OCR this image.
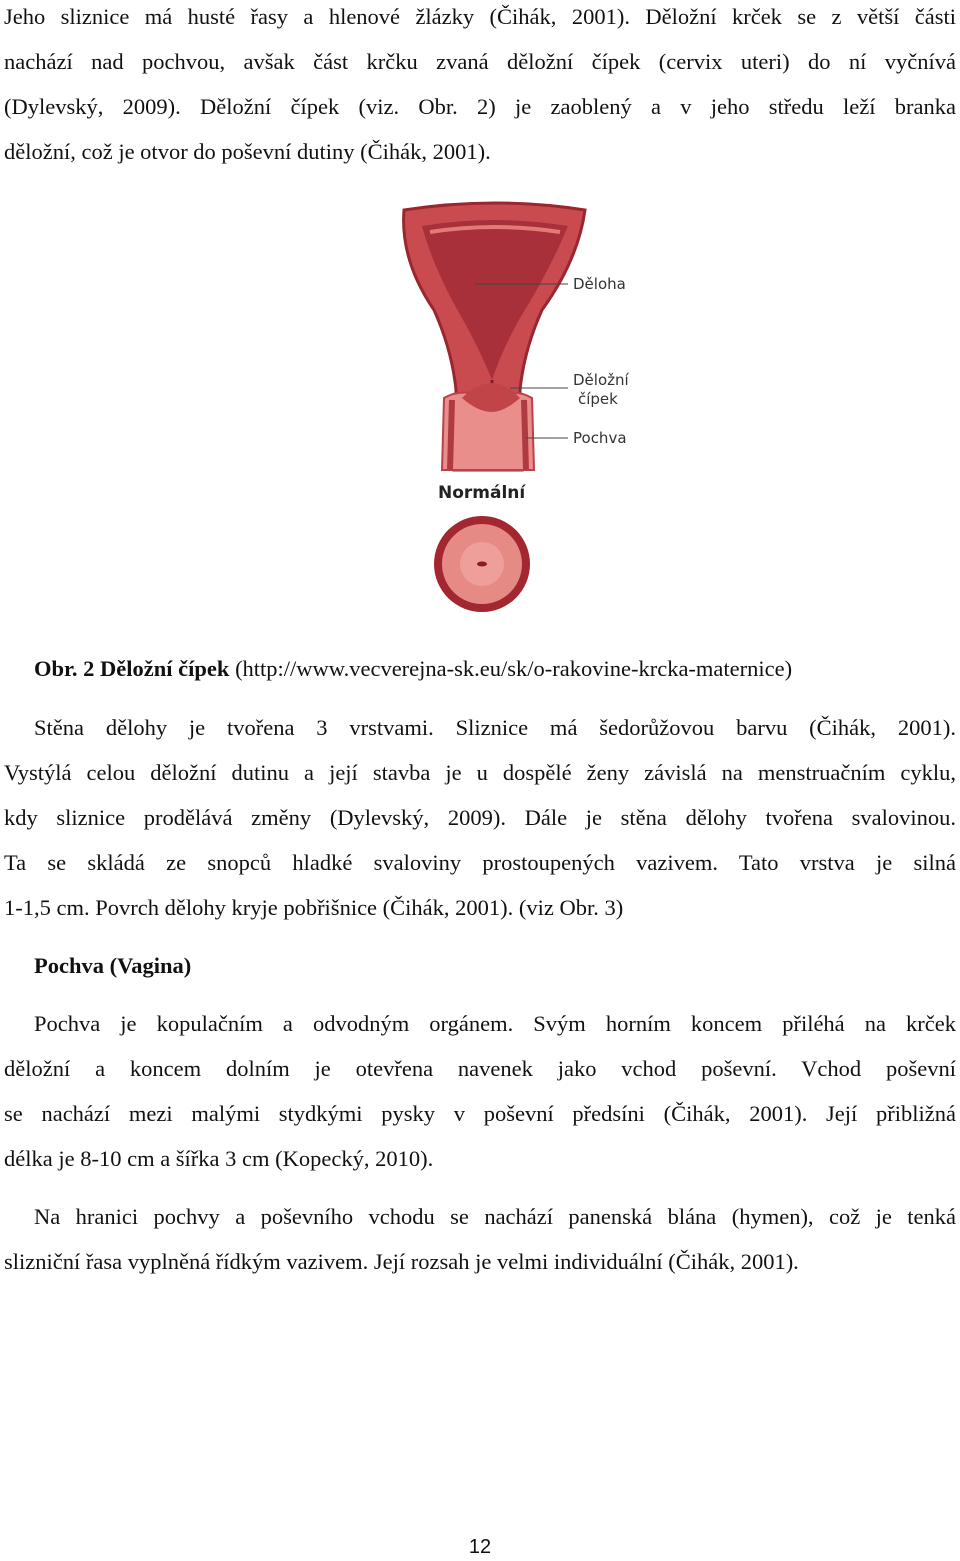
Jeho sliznice má husté řasy a hlenové žlázky (Čihák, 2001). Děložní krček se z větší části
nachází nad pochvou, avšak část krčku zvaná děložní čípek (cervix uteri) do ní vyčnívá
(Dylevský, 2009). Děložní čípek (viz. Obr. 2) je zaoblený a v jeho středu leží branka
děložní, což je otvor do poševní dutiny (Čihák, 2001).
Děloha
Děložní
čípek
Pochva
Normální
Obr. 2 Děložní čípek (http://www.vecverejna-sk.eu/sk/o-rakovine-krcka-maternice)
Stěna dělohy je tvořena 3 vrstvami. Sliznice má šedorůžovou barvu (Čihák, 2001).
Vystýlá celou děložní dutinu a její stavba je u dospělé ženy závislá na menstruačním cyklu,
kdy sliznice prodělává změny (Dylevský, 2009). Dále je stěna dělohy tvořena svalovinou.
Ta se skládá ze snopců hladké svaloviny prostoupených vazivem. Tato vrstva je silná
1-1,5 cm. Povrch dělohy kryje pobřišnice (Čihák, 2001). (viz Obr. 3)
Pochva (Vagina)
Pochva je kopulačním a odvodným orgánem. Svým horním koncem přiléhá na krček
děložní a koncem dolním je otevřena navenek jako vchod poševní. Vchod poševní
se nachází mezi malými stydkými pysky v poševní předsíni (Čihák, 2001). Její přibližná
délka je 8-10 cm a šířka 3 cm (Kopecký, 2010).
Na hranici pochvy a poševního vchodu se nachází panenská blána (hymen), což je tenká
slizniční řasa vyplněná řídkým vazivem. Její rozsah je velmi individuální (Čihák, 2001).
12
